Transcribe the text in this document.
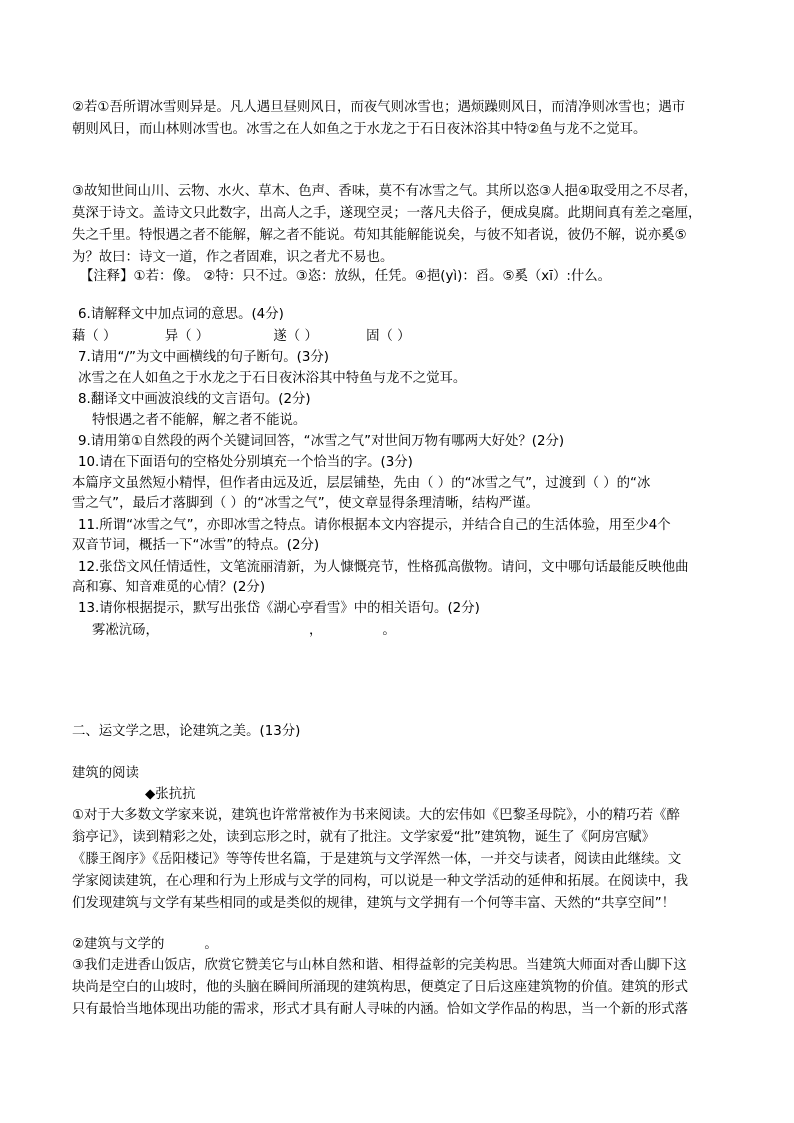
②若①吾所谓冰雪则异是。凡人遇旦昼则风日，而夜气则冰雪也；遇烦躁则风日，而清净则冰雪也；遇市
朝则风日，而山林则冰雪也。冰雪之在人如鱼之于水龙之于石日夜沐浴其中特②鱼与龙不之觉耳。
③故知世间山川、云物、水火、草木、色声、香味，莫不有冰雪之气。其所以恣③人挹④取受用之不尽者，
莫深于诗文。盖诗文只此数字，出高人之手，遂现空灵；一落凡夫俗子，便成臭腐。此期间真有差之毫厘，
失之千里。特恨遇之者不能解，解之者不能说。苟知其能解能说矣，与彼不知者说，彼仍不解，说亦奚⑤
为？故曰：诗文一道，作之者固难，识之者尤不易也。
【注释】①若：像。 ②特：只不过。③恣：放纵，任凭。④挹(yì)：舀。⑤奚（xī）:什么。
6.请解释文中加点词的意思。(4分)
藉（ ）	异（ ）	遂（ ）	固（ ）
7.请用“/”为文中画横线的句子断句。(3分)
冰雪之在人如鱼之于水龙之于石日夜沐浴其中特鱼与龙不之觉耳。
8.翻译文中画波浪线的文言语句。(2分)
特恨遇之者不能解，解之者不能说。
9.请用第①自然段的两个关键词回答，“冰雪之气”对世间万物有哪两大好处？(2分)
10.请在下面语句的空格处分别填充一个恰当的字。(3分)
本篇序文虽然短小精悍，但作者由远及近，层层铺垫，先由（ ）的“冰雪之气”，过渡到（ ）的“冰
雪之气”，最后才落脚到（ ）的“冰雪之气”，使文章显得条理清晰，结构严谨。
11.所谓“冰雪之气”，亦即冰雪之特点。请你根据本文内容提示，并结合自己的生活体验，用至少4个
双音节词，概括一下“冰雪”的特点。(2分)
12.张岱文风任情适性，文笔流丽清新，为人慷慨亮节，性格孤高傲物。请问，文中哪句话最能反映他曲
高和寡、知音难觅的心情？(2分)
13.请你根据提示，默写出张岱《湖心亭看雪》中的相关语句。(2分)
雾凇沆砀，	，	。
二、运文学之思，论建筑之美。(13分)
建筑的阅读
◆张抗抗
①对于大多数文学家来说，建筑也许常常被作为书来阅读。大的宏伟如《巴黎圣母院》，小的精巧若《醉
翁亭记》，读到精彩之处，读到忘形之时，就有了批注。文学家爱“批”建筑物，诞生了《阿房宫赋》
《滕王阁序》《岳阳楼记》等等传世名篇，于是建筑与文学浑然一体，一并交与读者，阅读由此继续。文
学家阅读建筑，在心理和行为上形成与文学的同构，可以说是一种文学活动的延伸和拓展。在阅读中，我
们发现建筑与文学有某些相同的或是类似的规律，建筑与文学拥有一个何等丰富、天然的“共享空间”！
②建筑与文学的	。
③我们走进香山饭店，欣赏它赞美它与山林自然和谐、相得益彰的完美构思。当建筑大师面对香山脚下这
块尚是空白的山坡时，他的头脑在瞬间所涌现的建筑构思，便奠定了日后这座建筑物的价值。建筑的形式
只有最恰当地体现出功能的需求，形式才具有耐人寻味的内涵。恰如文学作品的构思，当一个新的形式落
